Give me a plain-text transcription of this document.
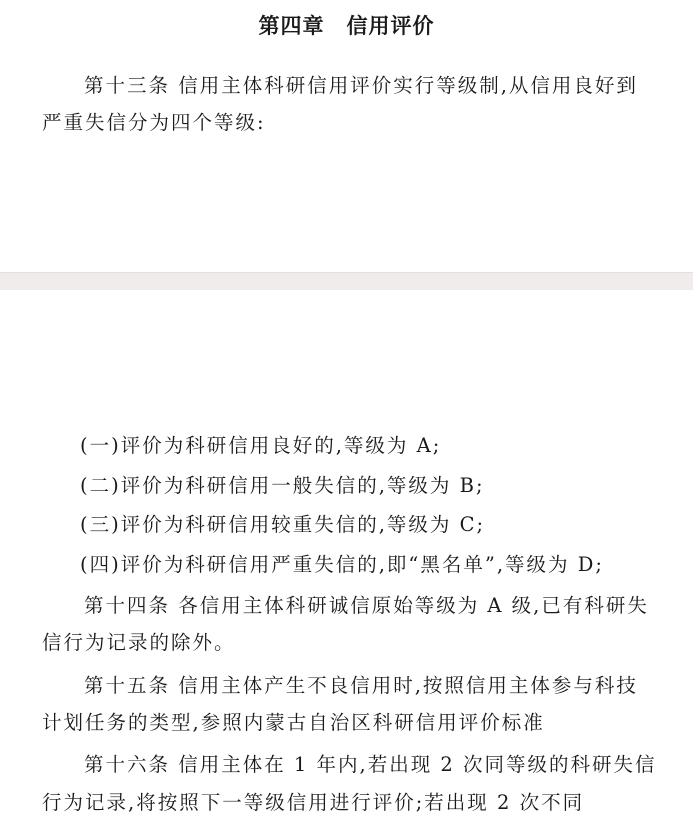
第四章　信用评价
第十三条 信用主体科研信用评价实行等级制,从信用良好到
严重失信分为四个等级:
(一)评价为科研信用良好的,等级为 A;
(二)评价为科研信用一般失信的,等级为 B;
(三)评价为科研信用较重失信的,等级为 C;
(四)评价为科研信用严重失信的,即“黑名单”,等级为 D;
第十四条 各信用主体科研诚信原始等级为 A 级,已有科研失
信行为记录的除外。
第十五条 信用主体产生不良信用时,按照信用主体参与科技
计划任务的类型,参照内蒙古自治区科研信用评价标准
第十六条 信用主体在 1 年内,若出现 2 次同等级的科研失信
行为记录,将按照下一等级信用进行评价;若出现 2 次不同
